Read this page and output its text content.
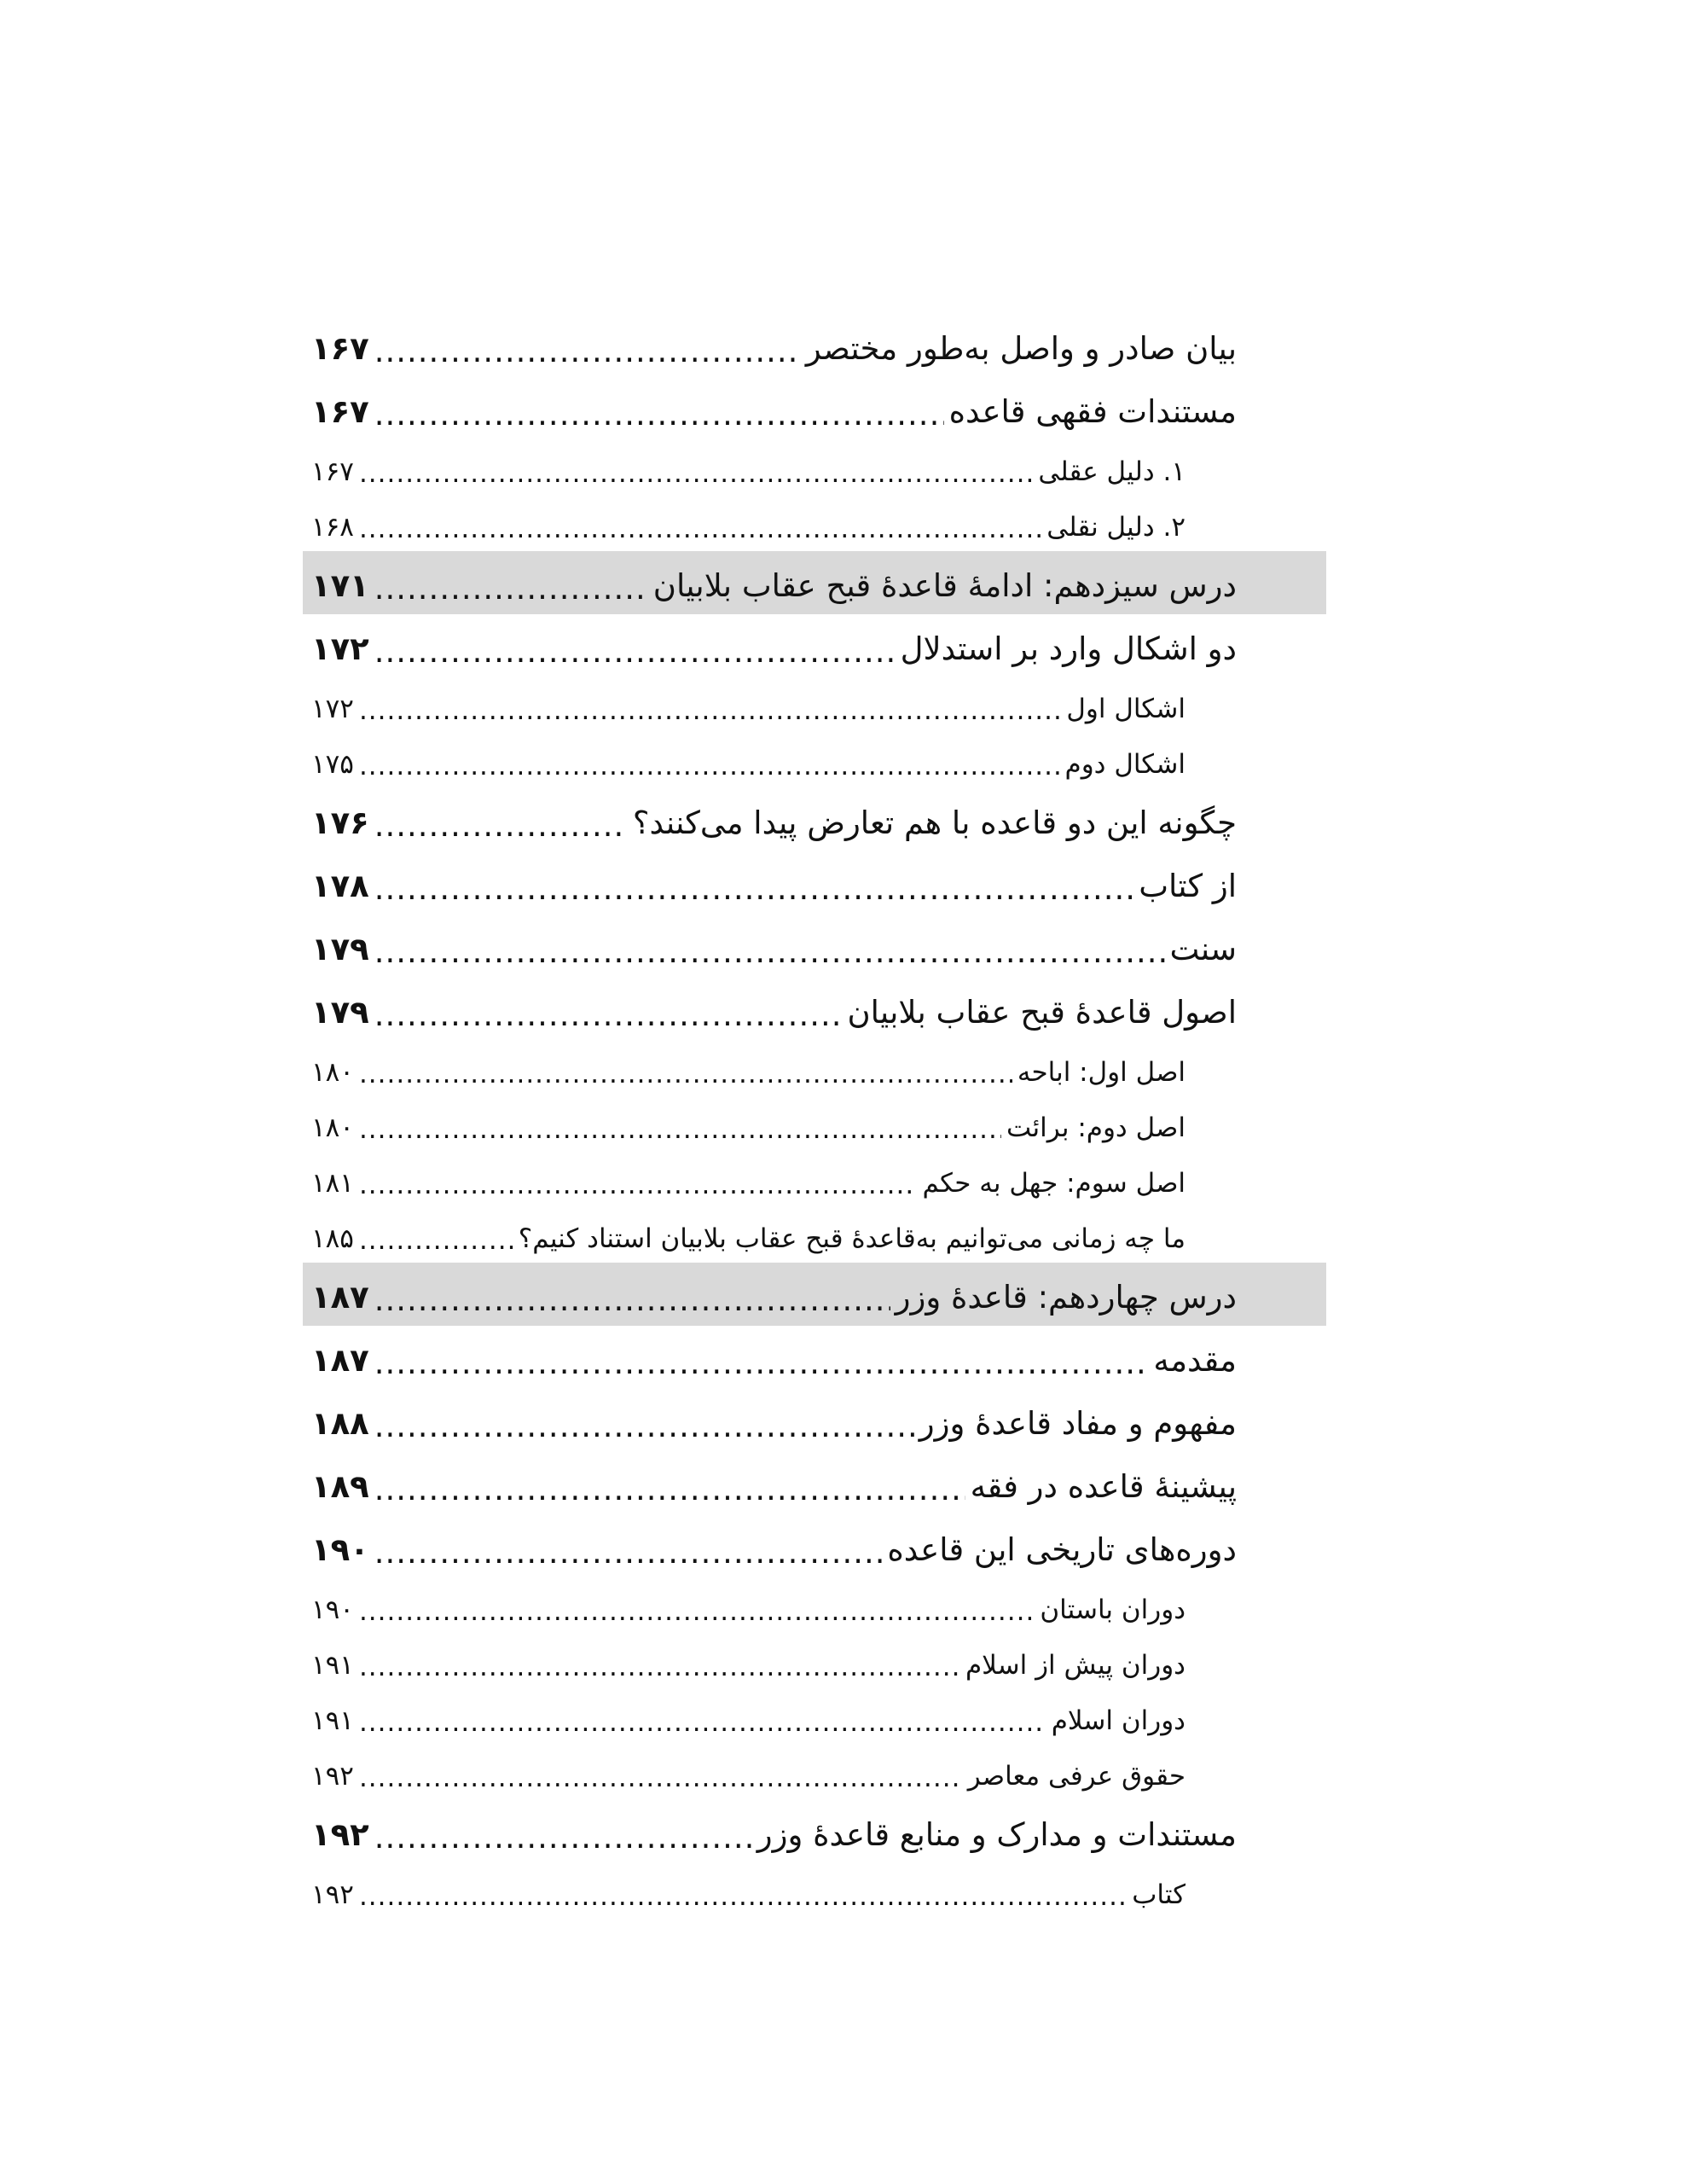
بیان صادر و واصل به‌طور مختصر
.....
۱۶۷
مستندات فقهی قاعده
.....
۱۶۷
۱. دلیل عقلی
.....
۱۶۷
۲. دلیل نقلی
.....
۱۶۸
درس سیزدهم: ادامهٔ قاعدهٔ قبح عقاب بلابیان
.....
۱۷۱
دو اشکال وارد بر استدلال
.....
۱۷۲
اشکال اول
.....
۱۷۲
اشکال دوم
.....
۱۷۵
چگونه این دو قاعده با هم تعارض پیدا می‌کنند؟
.....
۱۷۶
از کتاب
.....
۱۷۸
سنت
.....
۱۷۹
اصول قاعدهٔ قبح عقاب بلابیان
.....
۱۷۹
اصل اول: اباحه
.....
۱۸۰
اصل دوم: برائت
.....
۱۸۰
اصل سوم: جهل به حکم
.....
۱۸۱
ما چه زمانی می‌توانیم به‌قاعدهٔ قبح عقاب بلابیان استناد کنیم؟
.....
۱۸۵
درس چهاردهم: قاعدهٔ وزر
.....
۱۸۷
مقدمه
.....
۱۸۷
مفهوم و مفاد قاعدهٔ وزر
.....
۱۸۸
پیشینهٔ قاعده در فقه
.....
۱۸۹
دوره‌های تاریخی این قاعده
.....
۱۹۰
دوران باستان
.....
۱۹۰
دوران پیش از اسلام
.....
۱۹۱
دوران اسلام
.....
۱۹۱
حقوق عرفی معاصر
.....
۱۹۲
مستندات و مدارک و منابع قاعدهٔ وزر
.....
۱۹۲
کتاب
.....
۱۹۲
